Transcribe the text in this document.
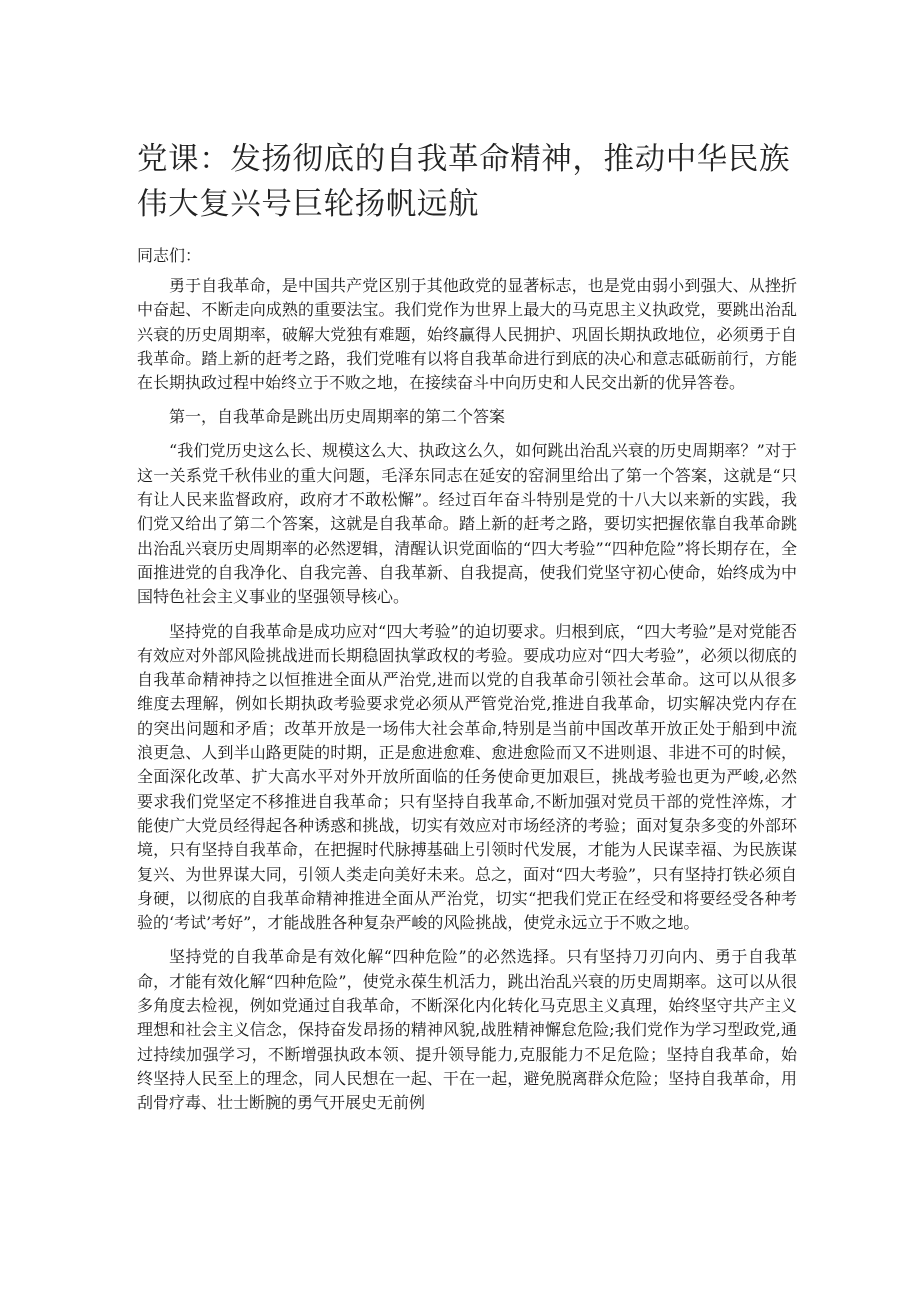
党课：发扬彻底的自我革命精神，推动中华民族伟大复兴号巨轮扬帆远航

同志们：

勇于自我革命，是中国共产党区别于其他政党的显著标志，也是党由弱小到强大、从挫折中奋起、不断走向成熟的重要法宝。我们党作为世界上最大的马克思主义执政党，要跳出治乱兴衰的历史周期率，破解大党独有难题，始终赢得人民拥护、巩固长期执政地位，必须勇于自我革命。踏上新的赶考之路，我们党唯有以将自我革命进行到底的决心和意志砥砺前行，方能在长期执政过程中始终立于不败之地，在接续奋斗中向历史和人民交出新的优异答卷。

第一，自我革命是跳出历史周期率的第二个答案

“我们党历史这么长、规模这么大、执政这么久，如何跳出治乱兴衰的历史周期率？”对于这一关系党千秋伟业的重大问题，毛泽东同志在延安的窑洞里给出了第一个答案，这就是“只有让人民来监督政府，政府才不敢松懈”。经过百年奋斗特别是党的十八大以来新的实践，我们党又给出了第二个答案，这就是自我革命。踏上新的赶考之路，要切实把握依靠自我革命跳出治乱兴衰历史周期率的必然逻辑，清醒认识党面临的“四大考验”“四种危险”将长期存在，全面推进党的自我净化、自我完善、自我革新、自我提高，使我们党坚守初心使命，始终成为中国特色社会主义事业的坚强领导核心。

坚持党的自我革命是成功应对“四大考验”的迫切要求。归根到底，“四大考验”是对党能否有效应对外部风险挑战进而长期稳固执掌政权的考验。要成功应对“四大考验”，必须以彻底的自我革命精神持之以恒推进全面从严治党,进而以党的自我革命引领社会革命。这可以从很多维度去理解，例如长期执政考验要求党必须从严管党治党,推进自我革命，切实解决党内存在的突出问题和矛盾；改革开放是一场伟大社会革命,特别是当前中国改革开放正处于船到中流浪更急、人到半山路更陡的时期，正是愈进愈难、愈进愈险而又不进则退、非进不可的时候，全面深化改革、扩大高水平对外开放所面临的任务使命更加艰巨，挑战考验也更为严峻,必然要求我们党坚定不移推进自我革命；只有坚持自我革命,不断加强对党员干部的党性淬炼，才能使广大党员经得起各种诱惑和挑战，切实有效应对市场经济的考验；面对复杂多变的外部环境，只有坚持自我革命，在把握时代脉搏基础上引领时代发展，才能为人民谋幸福、为民族谋复兴、为世界谋大同，引领人类走向美好未来。总之，面对“四大考验”，只有坚持打铁必须自身硬，以彻底的自我革命精神推进全面从严治党，切实“把我们党正在经受和将要经受各种考验的‘考试’考好”，才能战胜各种复杂严峻的风险挑战，使党永远立于不败之地。

坚持党的自我革命是有效化解“四种危险”的必然选择。只有坚持刀刃向内、勇于自我革命，才能有效化解“四种危险”，使党永葆生机活力，跳出治乱兴衰的历史周期率。这可以从很多角度去检视，例如党通过自我革命，不断深化内化转化马克思主义真理，始终坚守共产主义理想和社会主义信念，保持奋发昂扬的精神风貌,战胜精神懈怠危险;我们党作为学习型政党,通过持续加强学习，不断增强执政本领、提升领导能力,克服能力不足危险；坚持自我革命，始终坚持人民至上的理念，同人民想在一起、干在一起，避免脱离群众危险；坚持自我革命，用刮骨疗毒、壮士断腕的勇气开展史无前例
